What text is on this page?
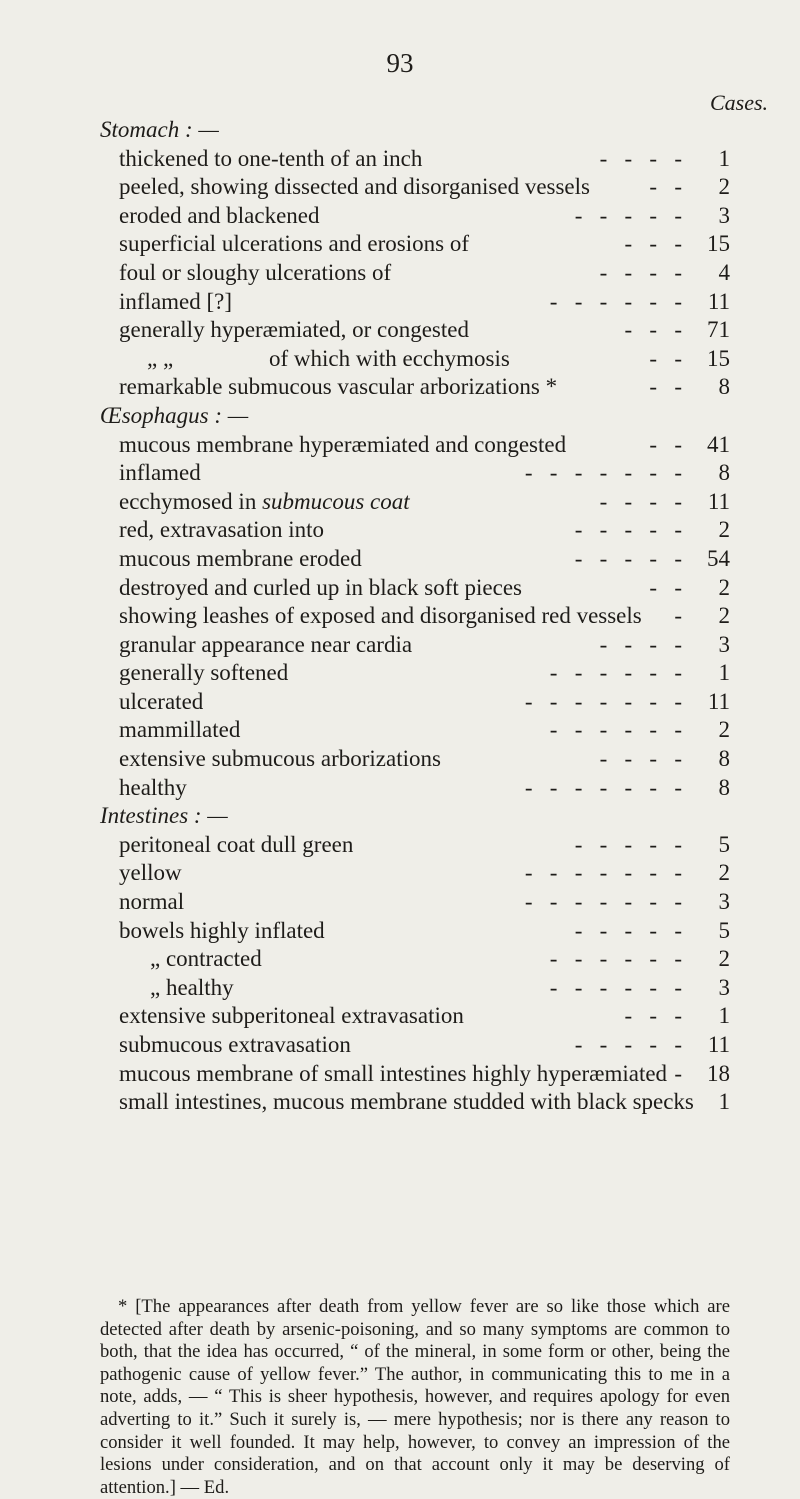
93
Cases.
Stomach : —
thickened to one-tenth of an inch	-   -   -   -	1
peeled, showing dissected and disorganised vessels	-   -	2
eroded and blackened	-   -   -   -   -	3
superficial ulcerations and erosions of	-   -   -	15
foul or sloughy ulcerations of	-   -   -   -	4
inflamed [?]	-   -   -   -   -   -	11
generally hyperæmiated, or congested	-   -   -	71
„ „	of which with ecchymosis	-   -	15
remarkable submucous vascular arborizations *	-   -	8
Œsophagus : —
mucous membrane hyperæmiated and congested	-   -	41
inflamed	-   -   -   -   -   -   -	8
ecchymosed in submucous coat	-   -   -   -	11
red, extravasation into	-   -   -   -   -	2
mucous membrane eroded	-   -   -   -   -	54
destroyed and curled up in black soft pieces	-   -	2
showing leashes of exposed and disorganised red vessels -	2
granular appearance near cardia	-   -   -   -	3
generally softened	-   -   -   -   -   -	1
ulcerated	-   -   -   -   -   -   -	11
mammillated	-   -   -   -   -   -	2
extensive submucous arborizations	-   -   -   -	8
healthy	-   -   -   -   -   -   -	8
Intestines : —
peritoneal coat dull green	-   -   -   -   -	5
yellow	-   -   -   -   -   -   -	2
normal	-   -   -   -   -   -   -	3
bowels highly inflated	-   -   -   -   -	5
„ contracted	-   -   -   -   -   -	2
„ healthy	-   -   -   -   -   -	3
extensive subperitoneal extravasation	-   -   -	1
submucous extravasation	-   -   -   -   -	11
mucous membrane of small intestines highly hyperæmiated -	18
small intestines, mucous membrane studded with black specks	1
* [The appearances after death from yellow fever are so like those which are detected after death by arsenic-poisoning, and so many symptoms are common to both, that the idea has occurred, “ of the mineral, in some form or other, being the pathogenic cause of yellow fever.” The author, in communicating this to me in a note, adds, — “ This is sheer hypothesis, however, and requires apology for even adverting to it.” Such it surely is, — mere hypothesis; nor is there any reason to consider it well founded. It may help, however, to convey an impression of the lesions under consideration, and on that account only it may be deserving of attention.] — Ed.
